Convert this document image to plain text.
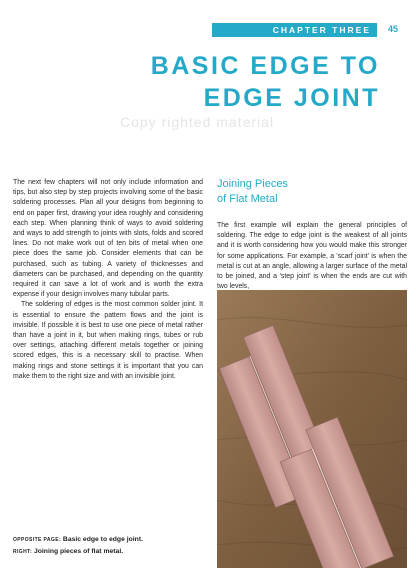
CHAPTER THREE 45
BASIC EDGE TO
EDGE JOINT
Copy righted material

The next few chapters will not only include information and tips, but also step by step projects involving some of the basic soldering processes. Plan all your designs from beginning to end on paper first, drawing your idea roughly and considering each step. When planning think of ways to avoid soldering and ways to add strength to joints with slots, folds and scored lines. Do not make work out of ten bits of metal when one piece does the same job. Consider elements that can be purchased, such as tubing. A variety of thicknesses and diameters can be purchased, and depending on the quantity required it can save a lot of work and is worth the extra expense if your design involves many tubular parts.

The soldering of edges is the most common solder joint. It is essential to ensure the pattern flows and the joint is invisible. If possible it is best to use one piece of metal rather than have a joint in it, but when making rings, tubes or rub over settings, attaching different metals together or joining scored edges, this is a necessary skill to practise. When making rings and stone settings it is important that you can make them to the right size and with an invisible joint.

Joining Pieces
of Flat Metal

The first example will explain the general principles of soldering. The edge to edge joint is the weakest of all joints and it is worth considering how you would make this stronger for some applications. For example, a 'scarf joint' is when the metal is cut at an angle, allowing a larger surface of the metal to be joined, and a 'step joint' is when the ends are cut with two levels,

OPPOSITE PAGE: Basic edge to edge joint.
RIGHT: Joining pieces of flat metal.
